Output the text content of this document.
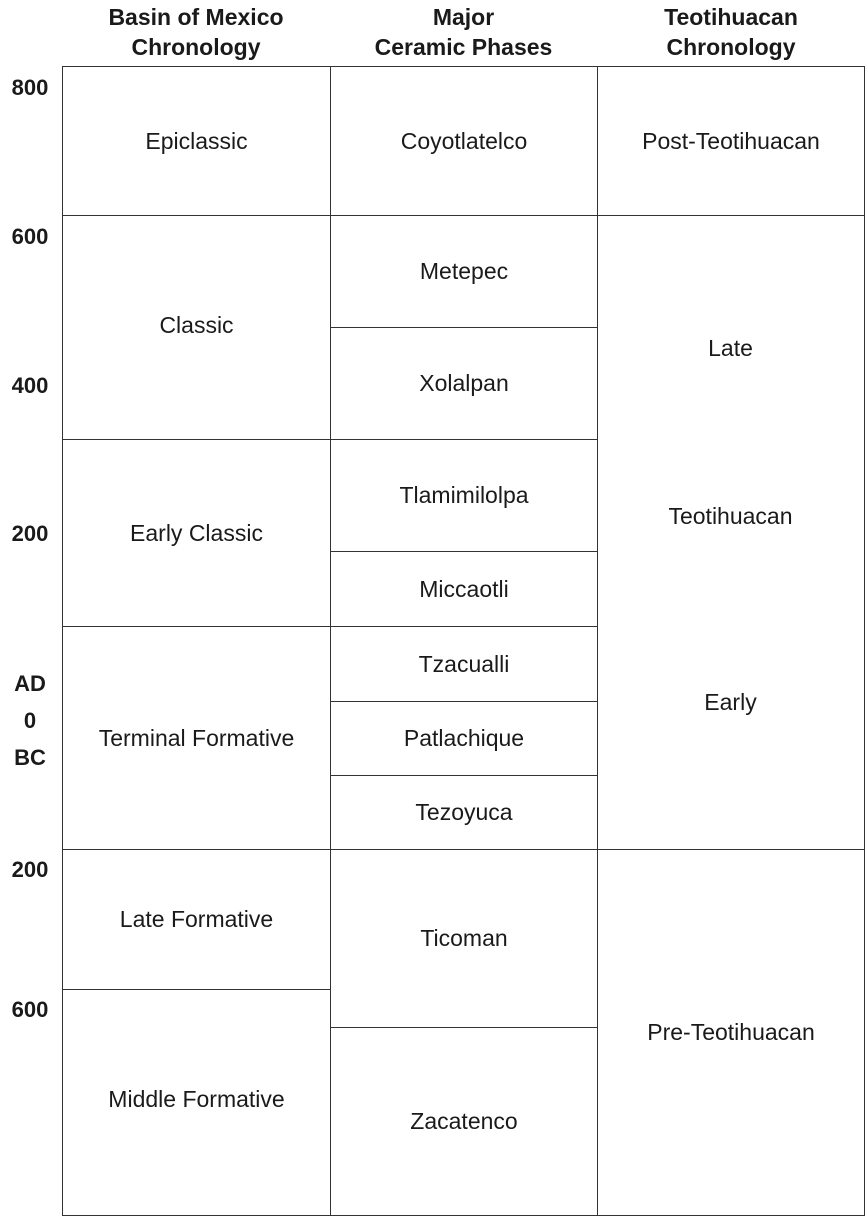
Basin of Mexico
Chronology
Major
Ceramic Phases
Teotihuacan
Chronology
800
600
400
200
AD
0
BC
200
600
Epiclassic
Classic
Early Classic
Terminal Formative
Late Formative
Middle Formative
Coyotlatelco
Metepec
Xolalpan
Tlamimilolpa
Miccaotli
Tzacualli
Patlachique
Tezoyuca
Ticoman
Zacatenco
Post-Teotihuacan
Late
Teotihuacan
Early
Pre-Teotihuacan
